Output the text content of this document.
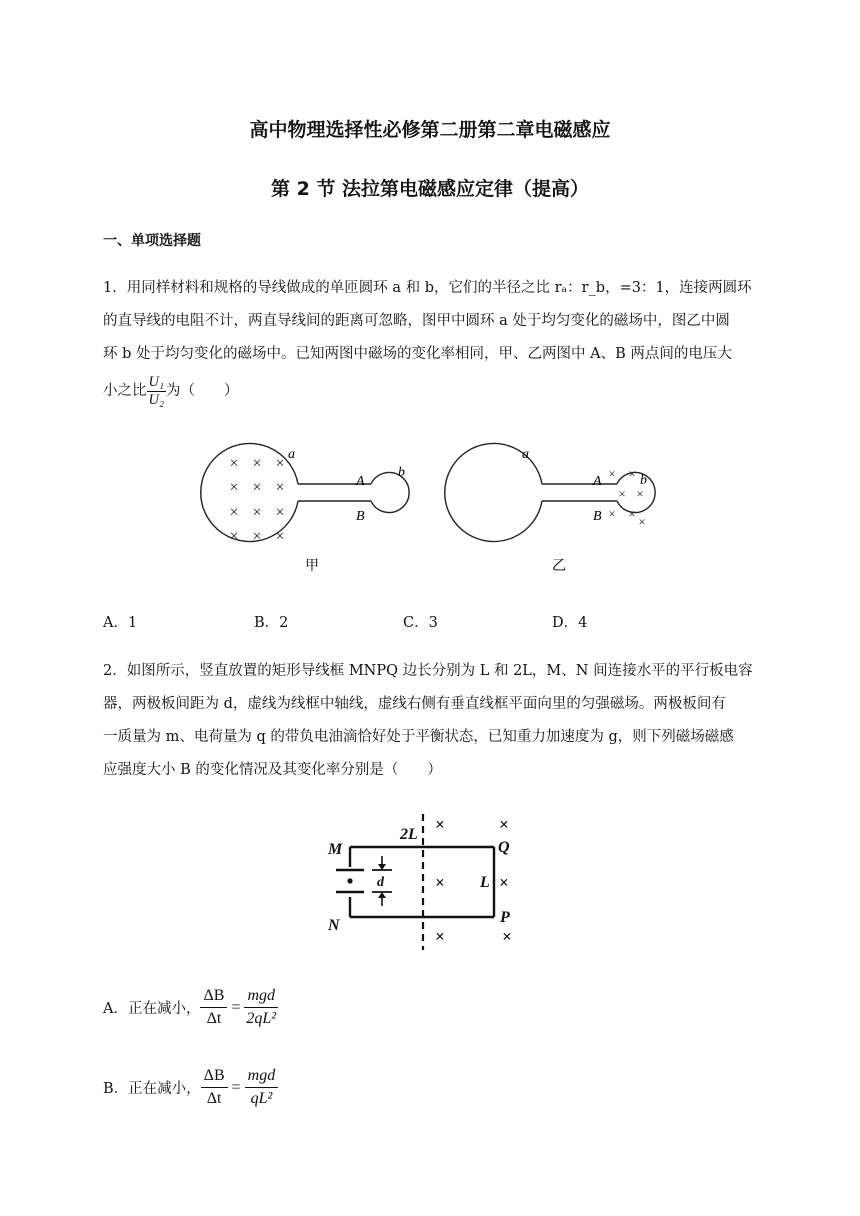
高中物理选择性必修第二册第二章电磁感应
第 2 节 法拉第电磁感应定律（提高）
一、单项选择题
1．用同样材料和规格的导线做成的单匝圆环 a 和 b，它们的半径之比 rₐ：r_b，=3：1，连接两圆环
的直导线的电阻不计，两直导线间的距离可忽略，图甲中圆环 a 处于均匀变化的磁场中，图乙中圆
环 b 处于均匀变化的磁场中。已知两图中磁场的变化率相同，甲、乙两图中 A、B 两点间的电压大
小之比 $\frac{\text{U₁}}{\text{U₂}}$ 为（　　）
× × ×
× × ×
× × ×
× × ×
a
b
A
B
甲
× ×
× ×
× ×
×
a
b
A
B
乙
A．1	B．2	C．3	D．4
2．如图所示，竖直放置的矩形导线框 MNPQ 边长分别为 L 和 2L，M、N 间连接水平的平行板电容
器，两极板间距为 d，虚线为线框中轴线，虚线右侧有垂直线框平面向里的匀强磁场。两极板间有
一质量为 m、电荷量为 q 的带负电油滴恰好处于平衡状态，已知重力加速度为 g，则下列磁场磁感
应强度大小 B 的变化情况及其变化率分别是（　　）
M
N
Q
P
2L
L
d
×	×
×	×
×	×
A．正在减小， $\frac{\Delta B}{\Delta t}$ =
mgd
2qL²
B．正在减小， $\frac{\Delta B}{\Delta t}$ =
mgd
qL²
